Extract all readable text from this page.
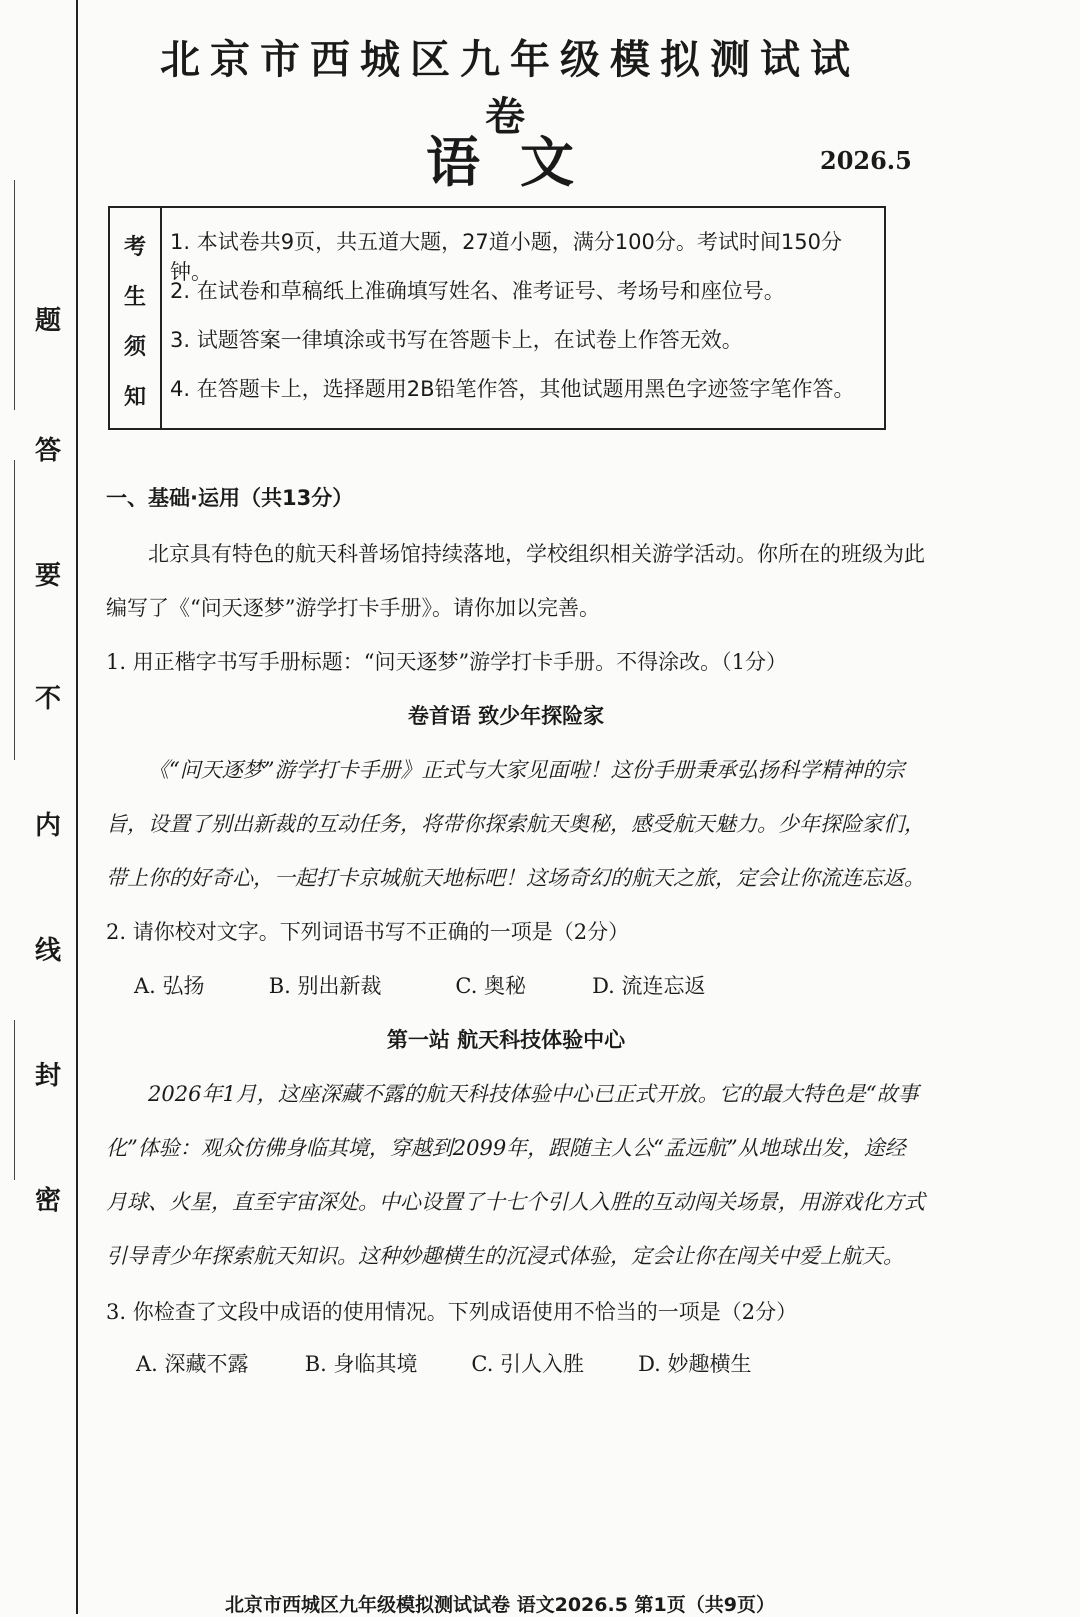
题
答
要
不
内
线
封
密
北京市西城区九年级模拟测试试卷
语文	2026.5
考
生
须
知
1. 本试卷共9页，共五道大题，27道小题，满分100分。考试时间150分钟。
2. 在试卷和草稿纸上准确填写姓名、准考证号、考场号和座位号。
3. 试题答案一律填涂或书写在答题卡上，在试卷上作答无效。
4. 在答题卡上，选择题用2B铅笔作答，其他试题用黑色字迹签字笔作答。
一、基础·运用（共13分）
北京具有特色的航天科普场馆持续落地，学校组织相关游学活动。你所在的班级为此
编写了《“问天逐梦”游学打卡手册》。请你加以完善。
1. 用正楷字书写手册标题：“问天逐梦”游学打卡手册。不得涂改。（1分）
卷首语 致少年探险家
《“问天逐梦”游学打卡手册》正式与大家见面啦！这份手册秉承弘扬科学精神的宗
旨，设置了别出新裁的互动任务，将带你探索航天奥秘，感受航天魅力。少年探险家们，
带上你的好奇心，一起打卡京城航天地标吧！这场奇幻的航天之旅，定会让你流连忘返。
2. 请你校对文字。下列词语书写不正确的一项是（2分）
A. 弘扬	B. 别出新裁	C. 奥秘	D. 流连忘返
第一站 航天科技体验中心
2026年1月，这座深藏不露的航天科技体验中心已正式开放。它的最大特色是“故事
化”体验：观众仿佛身临其境，穿越到2099年，跟随主人公“孟远航”从地球出发，途经
月球、火星，直至宇宙深处。中心设置了十七个引人入胜的互动闯关场景，用游戏化方式
引导青少年探索航天知识。这种妙趣横生的沉浸式体验，定会让你在闯关中爱上航天。
3. 你检查了文段中成语的使用情况。下列成语使用不恰当的一项是（2分）
A. 深藏不露	B. 身临其境	C. 引人入胜	D. 妙趣横生
北京市西城区九年级模拟测试试卷 语文2026.5 第1页（共9页）
